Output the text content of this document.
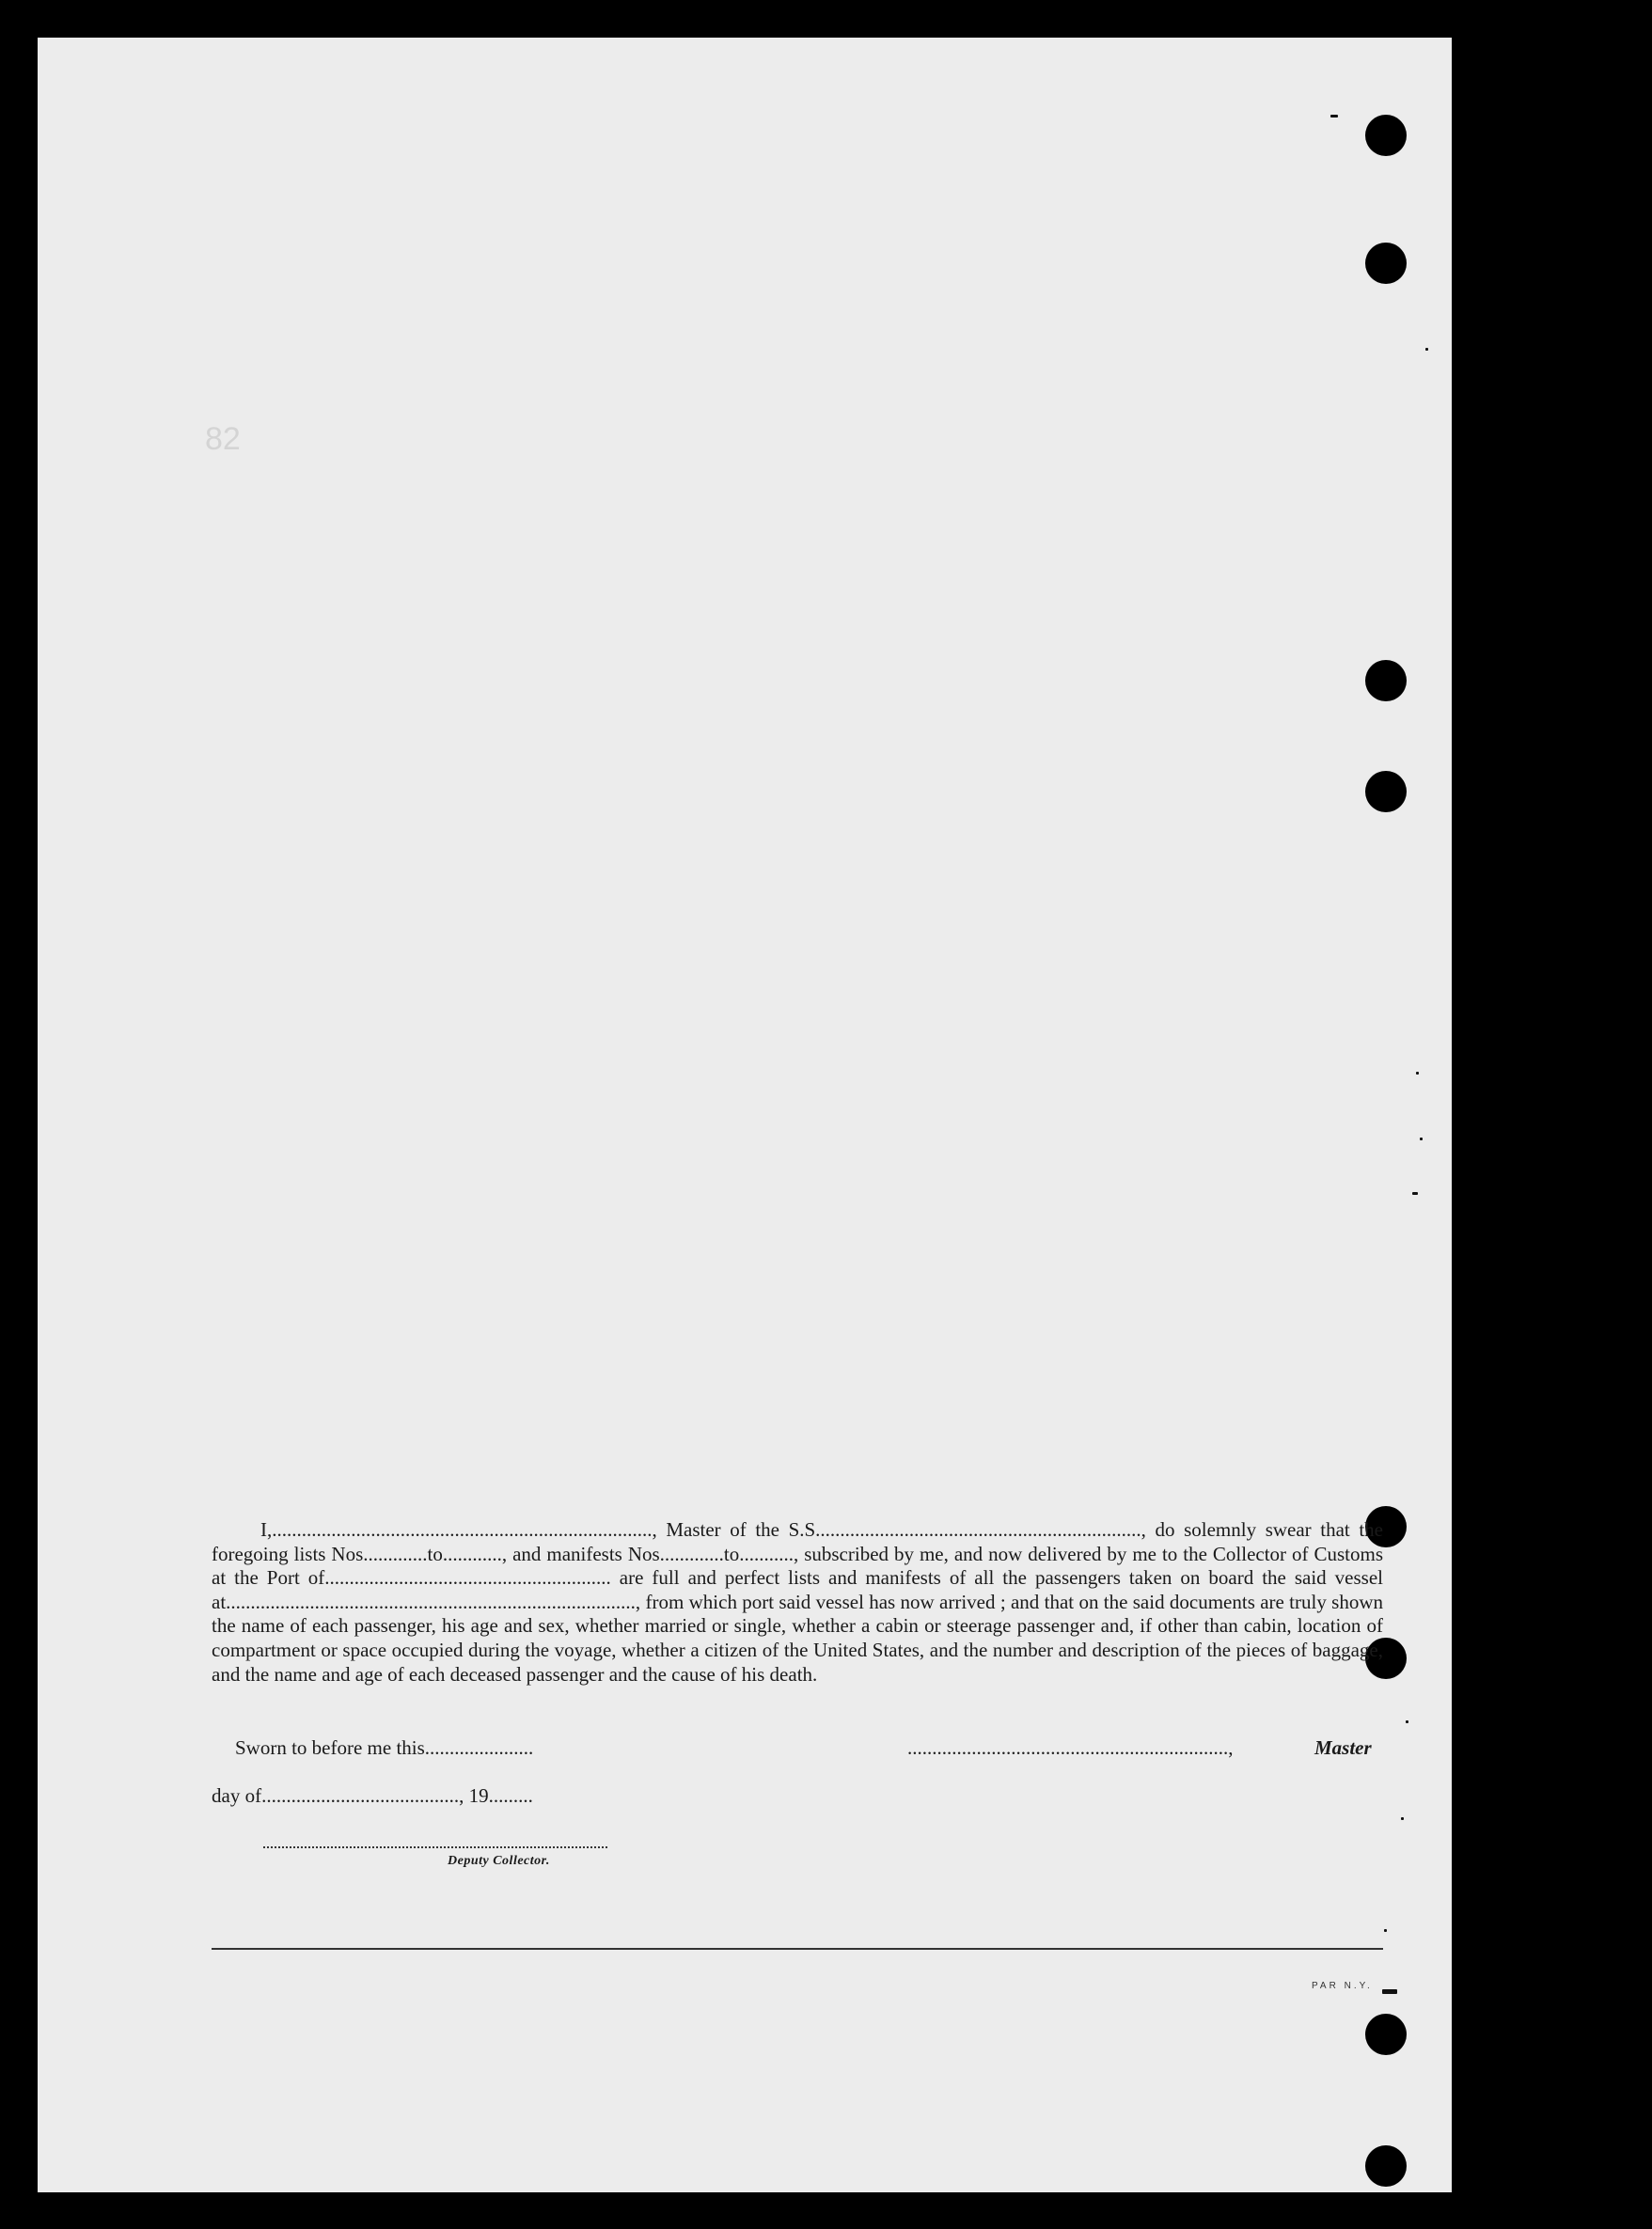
82

I,............................................................................., Master of the S.S.................................................................., do solemnly swear that the foregoing lists Nos.............to............, and manifests Nos.............to..........., subscribed by me, and now delivered by me to the Collector of Customs at the Port of.......................................................... are full and perfect lists and manifests of all the passengers taken on board the said vessel at..................................................................................., from which port said vessel has now arrived ; and that on the said documents are truly shown the name of each passenger, his age and sex, whether married or single, whether a cabin or steerage passenger and, if other than cabin, location of compartment or space occupied during the voyage, whether a citizen of the United States, and the number and description of the pieces of baggage, and the name and age of each deceased passenger and the cause of his death.

Sworn to before me this......................	.................................................................,	Master
day of........................................, 19.........
Deputy Collector.
PAR N.Y.
